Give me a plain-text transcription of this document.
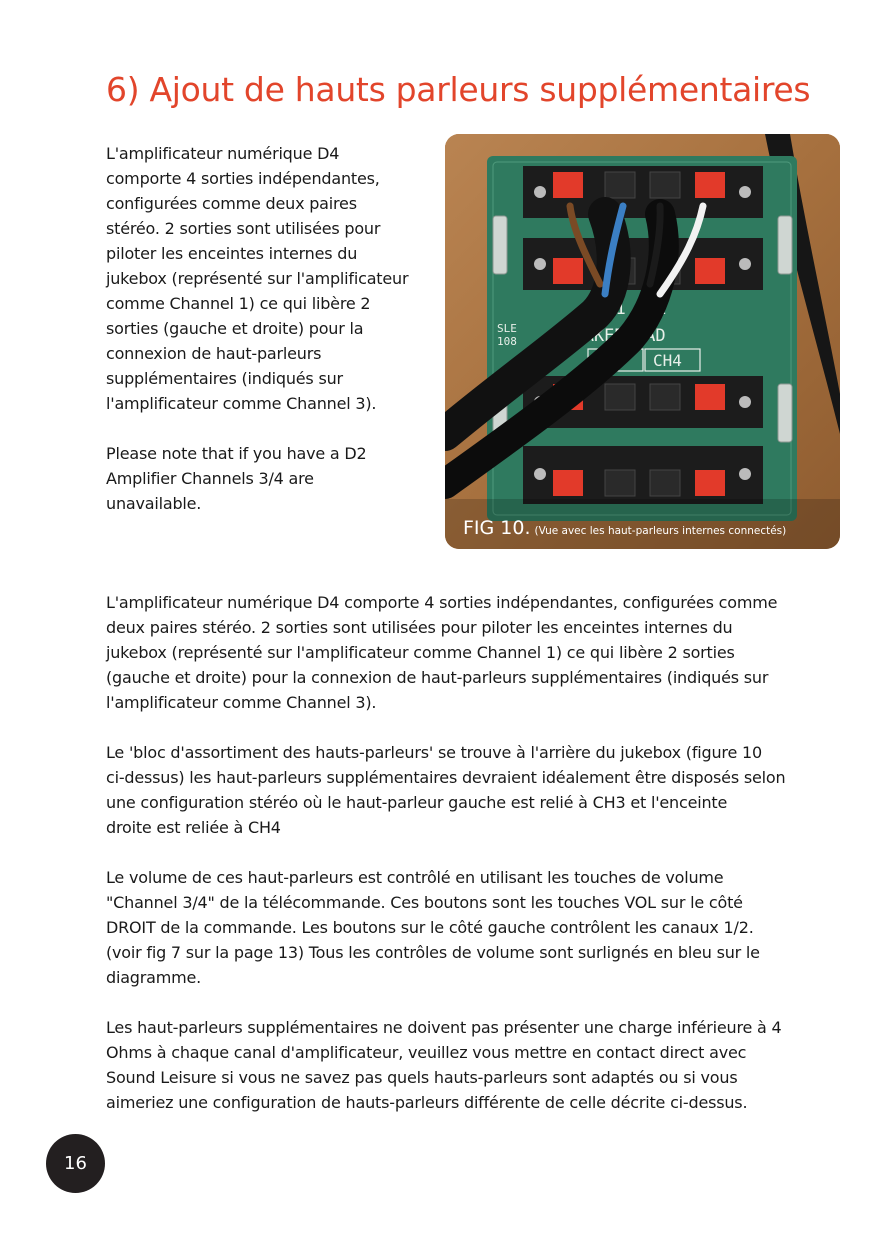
6) Ajout de hauts parleurs supplémentaires

L'amplificateur numérique D4
comporte 4 sorties indépendantes,
configurées comme deux paires
stéréo. 2 sorties sont utilisées pour
piloter les enceintes internes du
jukebox (représenté sur l'amplificateur
comme Channel 1) ce qui libère 2
sorties (gauche et droite) pour la
connexion de haut-parleurs
supplémentaires (indiqués sur
l'amplificateur comme Channel 3).

Please note that if you have a D2
Amplifier Channels 3/4 are
unavailable.

CH1 CH2
SPEAKER PAD
SLE
108
CH3 CH4
FIG 10. (Vue avec les haut-parleurs internes connectés)

L'amplificateur numérique D4 comporte 4 sorties indépendantes, configurées comme
deux paires stéréo. 2 sorties sont utilisées pour piloter les enceintes internes du
jukebox (représenté sur l'amplificateur comme Channel 1) ce qui libère 2 sorties
(gauche et droite) pour la connexion de haut-parleurs supplémentaires (indiqués sur
l'amplificateur comme Channel 3).

Le 'bloc d'assortiment des hauts-parleurs' se trouve à l'arrière du jukebox (figure 10
ci-dessus) les haut-parleurs supplémentaires devraient idéalement être disposés selon
une configuration stéréo où le haut-parleur gauche est relié à CH3 et l'enceinte
droite est reliée à CH4

Le volume de ces haut-parleurs est contrôlé en utilisant les touches de volume
"Channel 3/4" de la télécommande. Ces boutons sont les touches VOL sur le côté
DROIT de la commande. Les boutons sur le côté gauche contrôlent les canaux 1/2.
(voir fig 7 sur la page 13) Tous les contrôles de volume sont surlignés en bleu sur le
diagramme.

Les haut-parleurs supplémentaires ne doivent pas présenter une charge inférieure à 4
Ohms à chaque canal d'amplificateur, veuillez vous mettre en contact direct avec
Sound Leisure si vous ne savez pas quels hauts-parleurs sont adaptés ou si vous
aimeriez une configuration de hauts-parleurs différente de celle décrite ci-dessus.

16
